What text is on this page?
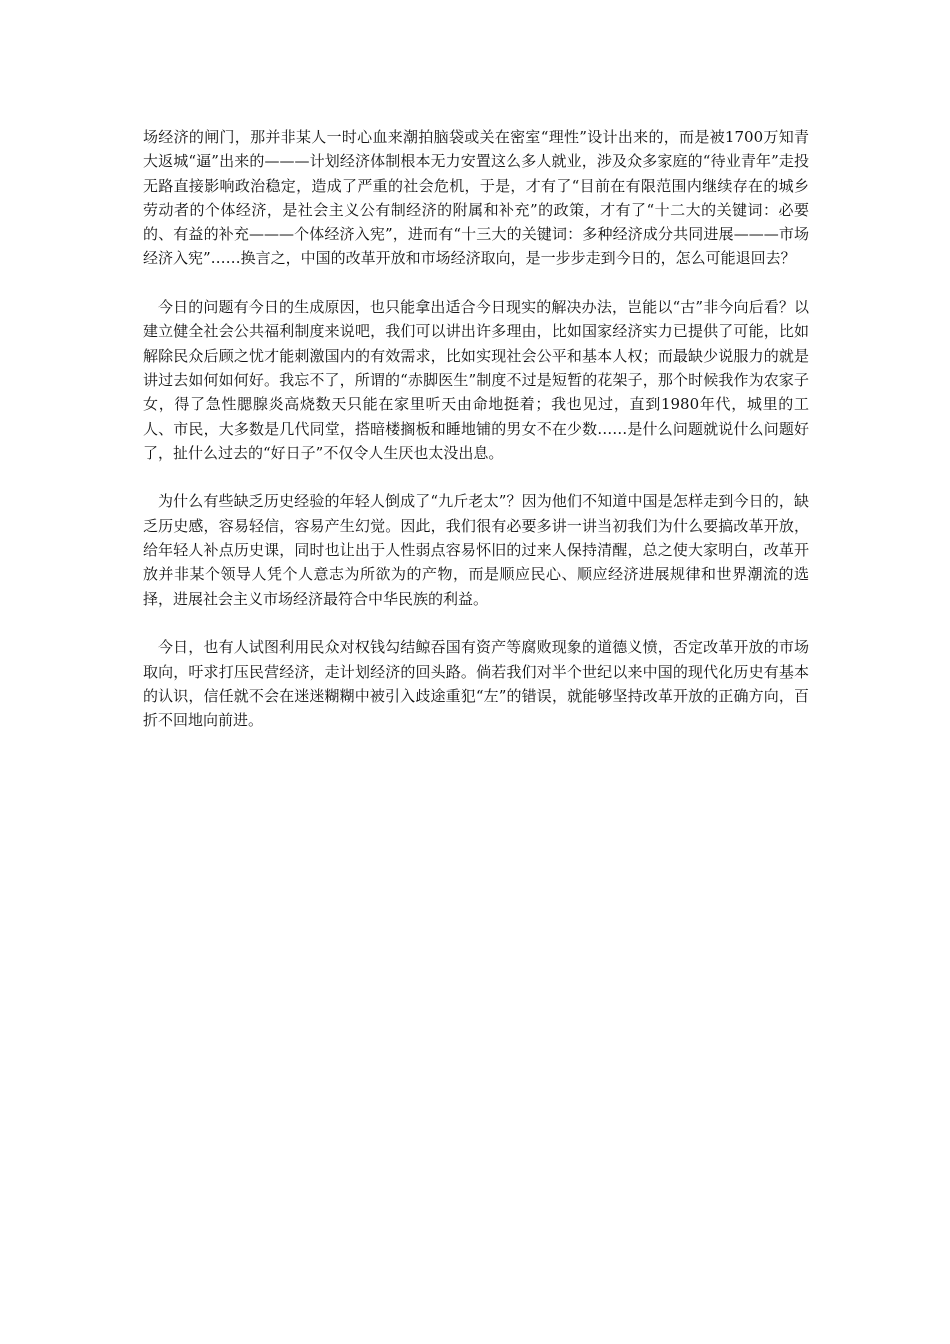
场经济的闸门，那并非某人一时心血来潮拍脑袋或关在密室“理性”设计出来的，而是被1700万知青大返城“逼”出来的———计划经济体制根本无力安置这么多人就业，涉及众多家庭的“待业青年”走投无路直接影响政治稳定，造成了严重的社会危机，于是，才有了“目前在有限范围内继续存在的城乡劳动者的个体经济，是社会主义公有制经济的附属和补充”的政策，才有了“十二大的关键词：必要的、有益的补充———个体经济入宪”，进而有“十三大的关键词：多种经济成分共同进展———市场经济入宪”……换言之，中国的改革开放和市场经济取向，是一步步走到今日的，怎么可能退回去？

今日的问题有今日的生成原因，也只能拿出适合今日现实的解决办法，岂能以“古”非今向后看？以建立健全社会公共福利制度来说吧，我们可以讲出许多理由，比如国家经济实力已提供了可能，比如解除民众后顾之忧才能刺激国内的有效需求，比如实现社会公平和基本人权；而最缺少说服力的就是讲过去如何如何好。我忘不了，所谓的“赤脚医生”制度不过是短暂的花架子，那个时候我作为农家子女，得了急性腮腺炎高烧数天只能在家里听天由命地挺着；我也见过，直到1980年代，城里的工人、市民，大多数是几代同堂，搭暗楼搁板和睡地铺的男女不在少数……是什么问题就说什么问题好了，扯什么过去的“好日子”不仅令人生厌也太没出息。

为什么有些缺乏历史经验的年轻人倒成了“九斤老太”？因为他们不知道中国是怎样走到今日的，缺乏历史感，容易轻信，容易产生幻觉。因此，我们很有必要多讲一讲当初我们为什么要搞改革开放，给年轻人补点历史课，同时也让出于人性弱点容易怀旧的过来人保持清醒，总之使大家明白，改革开放并非某个领导人凭个人意志为所欲为的产物，而是顺应民心、顺应经济进展规律和世界潮流的选择，进展社会主义市场经济最符合中华民族的利益。

今日，也有人试图利用民众对权钱勾结鲸吞国有资产等腐败现象的道德义愤，否定改革开放的市场取向，吁求打压民营经济，走计划经济的回头路。倘若我们对半个世纪以来中国的现代化历史有基本的认识，信任就不会在迷迷糊糊中被引入歧途重犯“左”的错误，就能够坚持改革开放的正确方向，百折不回地向前进。
